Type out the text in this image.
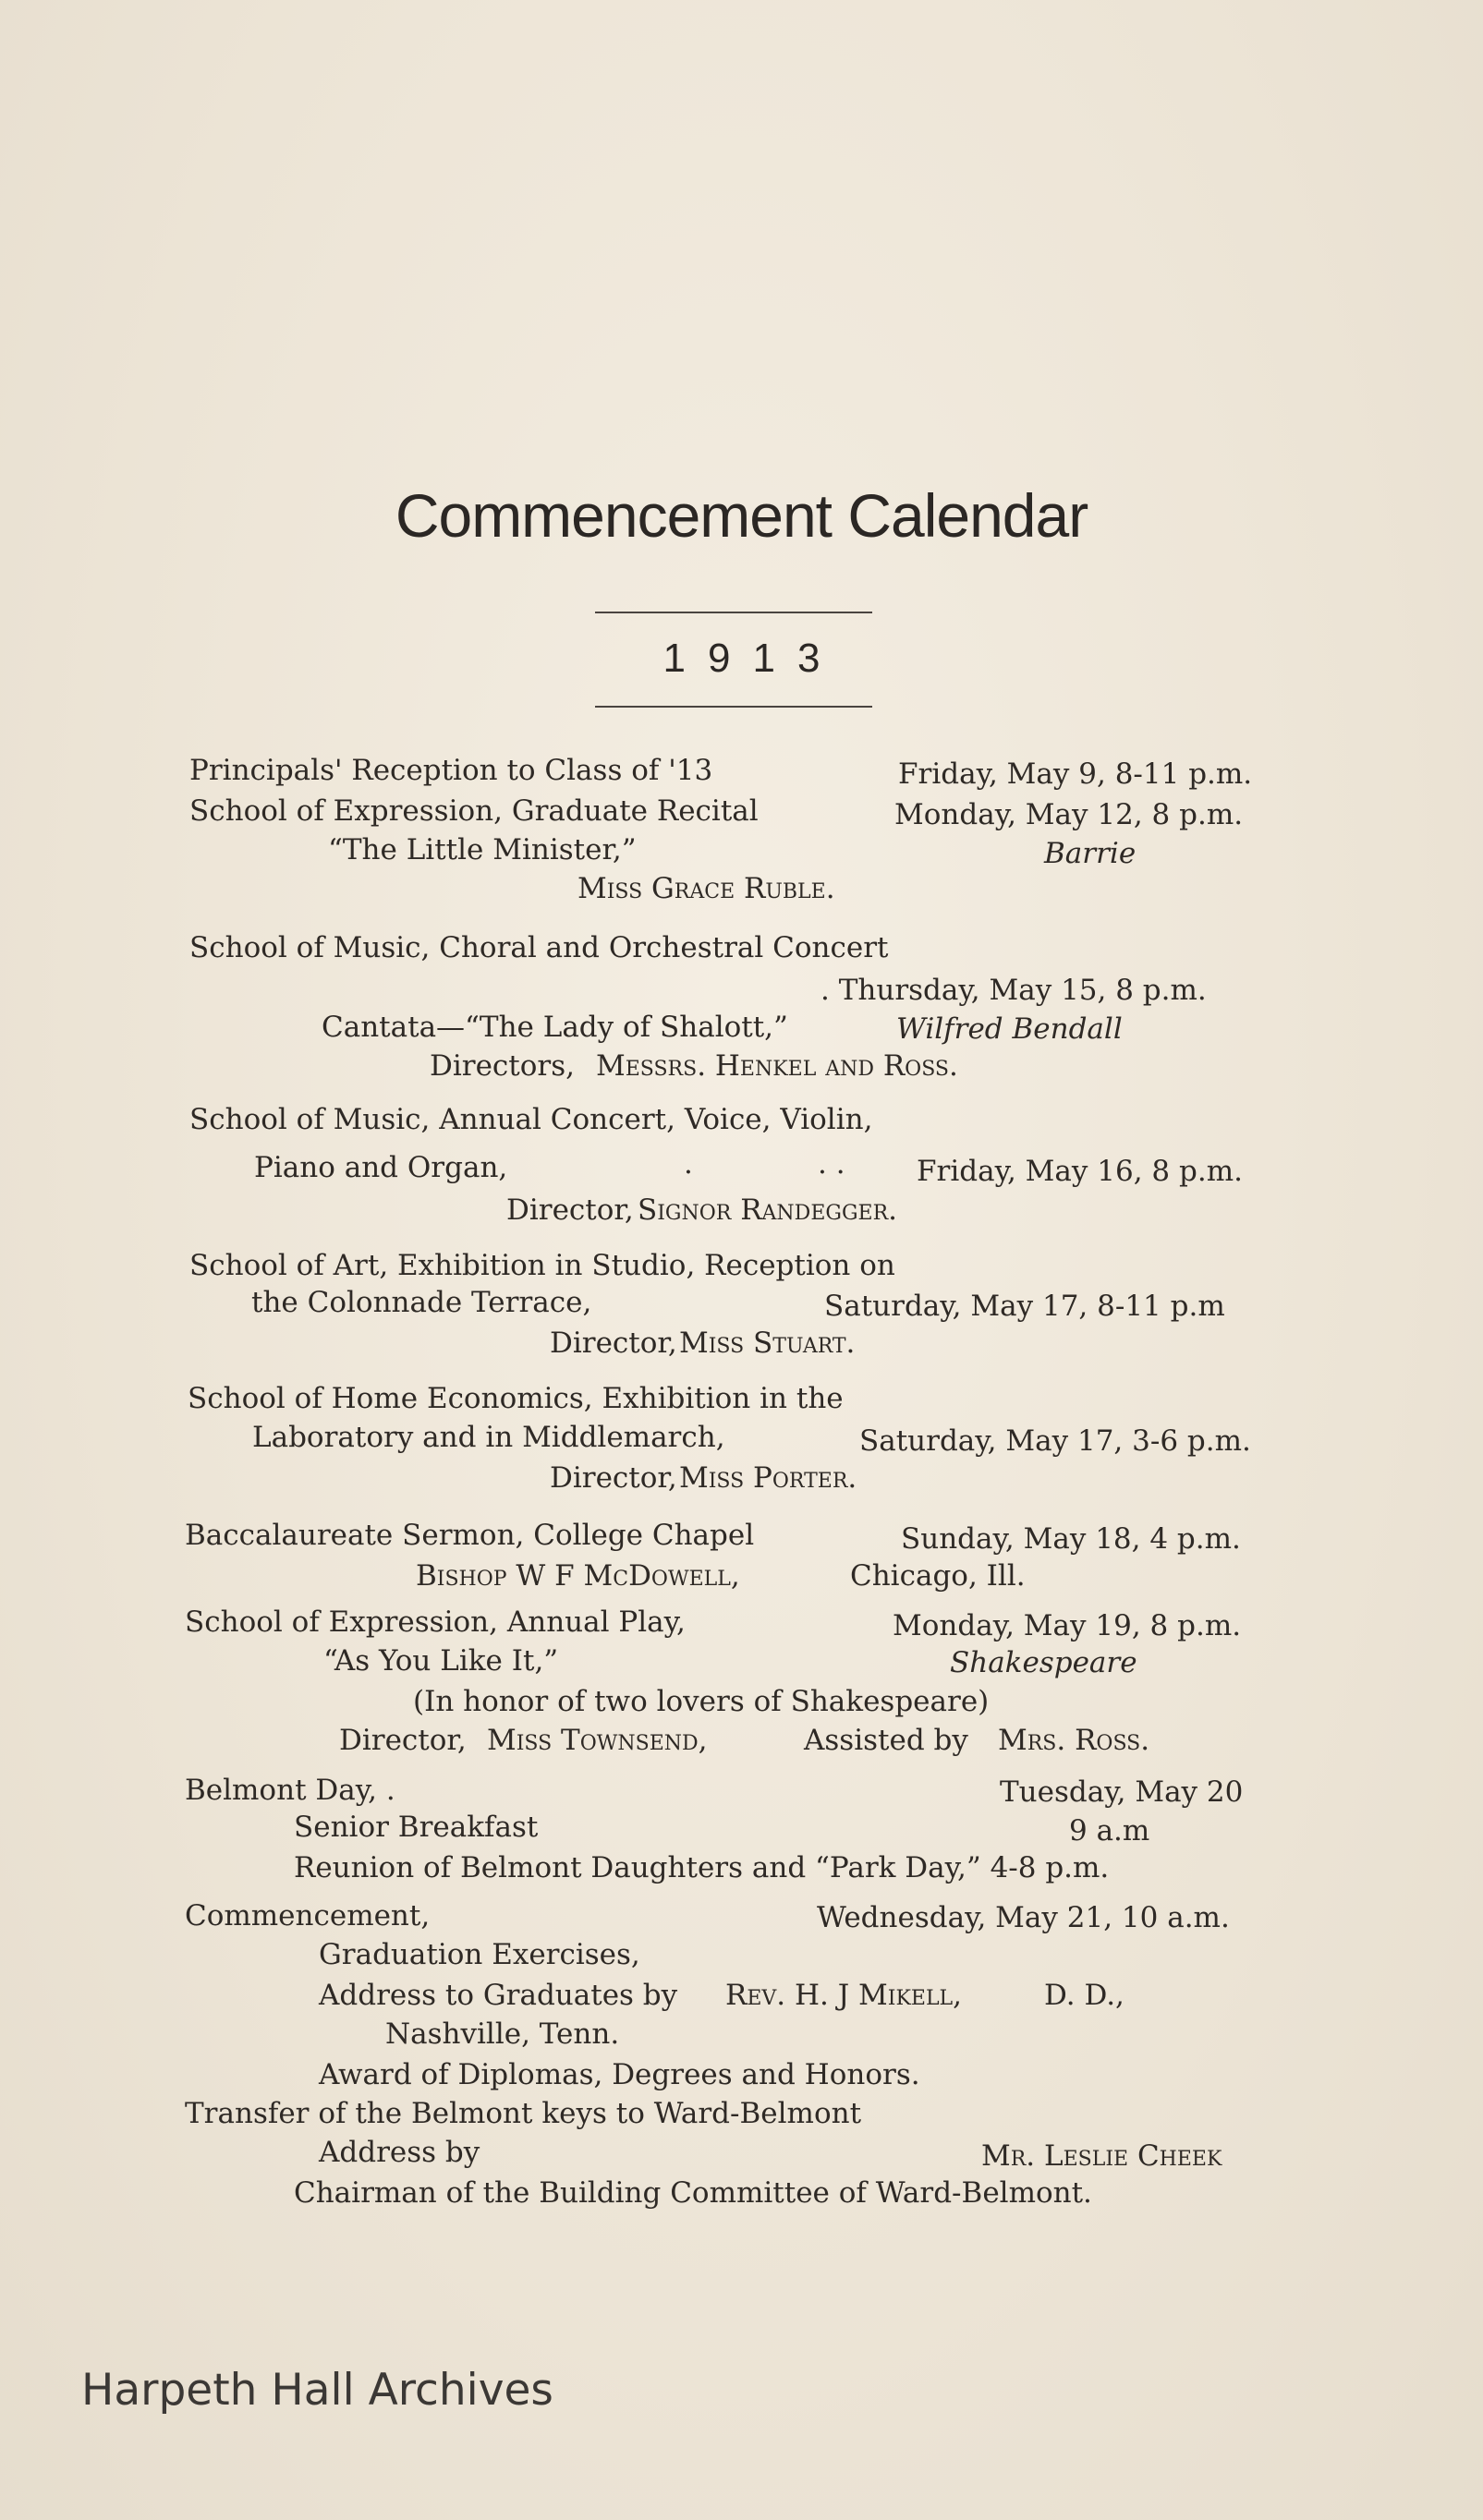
Commencement Calendar
1913
Principals' Reception to Class of '13	Friday, May 9, 8-11 p.m.
School of Expression, Graduate Recital	Monday, May 12, 8 p.m.
“The Little Minister,”	Barrie
Miss Grace Ruble.
School of Music, Choral and Orchestral Concert
. Thursday, May 15, 8 p.m.
Cantata—“The Lady of Shalott,”	Wilfred Bendall
Directors, Messrs. Henkel and Ross.
School of Music, Annual Concert, Voice, Violin,
Piano and Organ,	.	. . Friday, May 16, 8 p.m.
Director, Signor Randegger.
School of Art, Exhibition in Studio, Reception on
the Colonnade Terrace,	Saturday, May 17, 8-11 p.m
Director, Miss Stuart.
School of Home Economics, Exhibition in the
Laboratory and in Middlemarch,	Saturday, May 17, 3-6 p.m.
Director, Miss Porter.
Baccalaureate Sermon, College Chapel	Sunday, May 18, 4 p.m.
Bishop W F McDowell,	Chicago, Ill.
School of Expression, Annual Play,	Monday, May 19, 8 p.m.
“As You Like It,”	Shakespeare
(In honor of two lovers of Shakespeare)
Director, Miss Townsend,	Assisted by Mrs. Ross.
Belmont Day, .	Tuesday, May 20
Senior Breakfast	9 a.m
Reunion of Belmont Daughters and “Park Day,” 4-8 p.m.
Commencement,	Wednesday, May 21, 10 a.m.
Graduation Exercises,
Address to Graduates by Rev. H. J Mikell,	D. D.,
Nashville, Tenn.
Award of Diplomas, Degrees and Honors.
Transfer of the Belmont keys to Ward-Belmont
Address by	Mr. Leslie Cheek
Chairman of the Building Committee of Ward-Belmont.
Harpeth Hall Archives
